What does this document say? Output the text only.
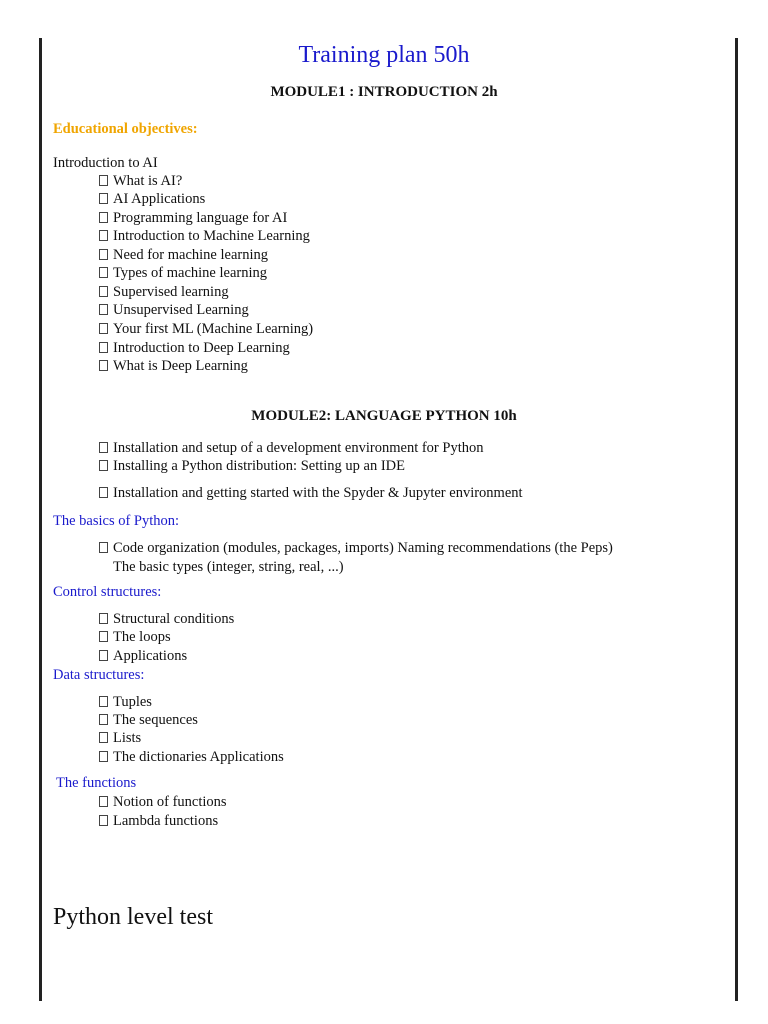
Training plan 50h
MODULE1 : INTRODUCTION 2h
Educational objectives:
Introduction to AI
What is AI?
AI Applications
Programming language for AI
Introduction to Machine Learning
Need for machine learning
Types of machine learning
Supervised learning
Unsupervised Learning
Your first ML (Machine Learning)
Introduction to Deep Learning
What is Deep Learning
MODULE2: LANGUAGE PYTHON 10h
Installation and setup of a development environment for Python
Installing a Python distribution: Setting up an IDE
Installation and getting started with the Spyder & Jupyter environment
The basics of Python:
Code organization (modules, packages, imports) Naming recommendations (the Peps)
The basic types (integer, string, real, ...)
Control structures:
Structural conditions
The loops
Applications
Data structures:
Tuples
The sequences
Lists
The dictionaries Applications
The functions
Notion of functions
Lambda functions
Python level test
